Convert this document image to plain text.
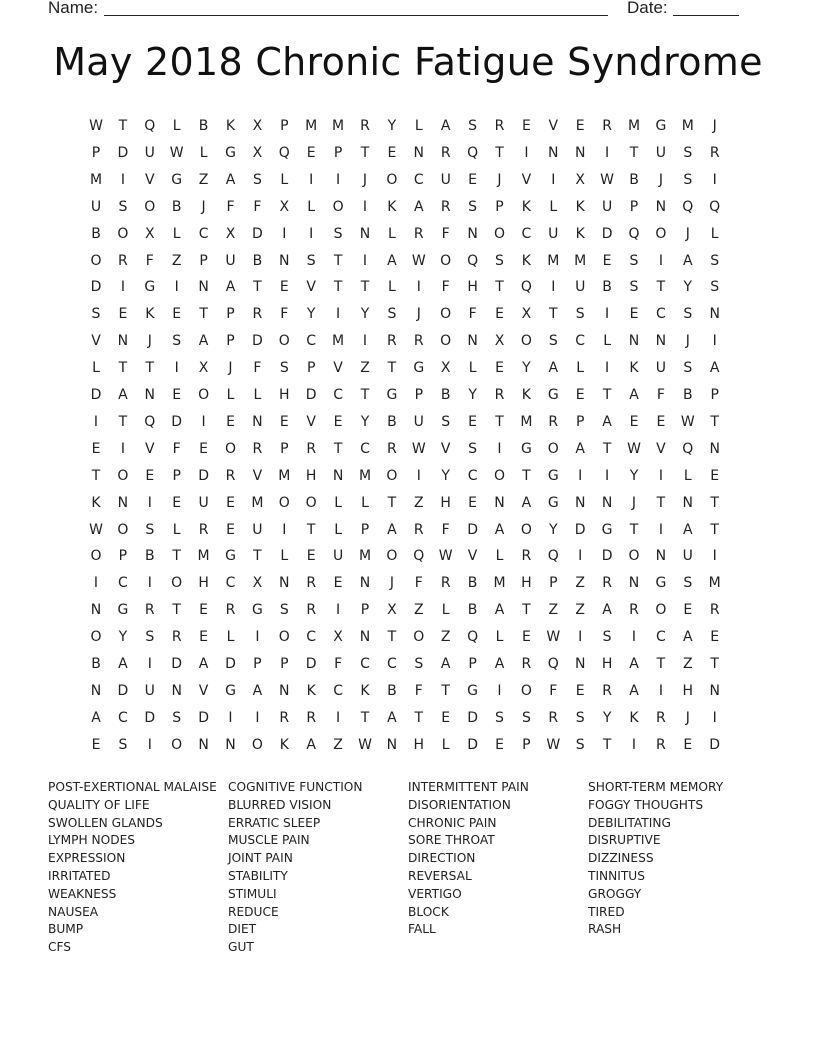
Name:	Date:
May 2018 Chronic Fatigue Syndrome
W	T	Q	L	B	K	X	P	M	M	R	Y	L	A	S	R	E	V	E	R	M	G	M	J
P	D	U	W	L	G	X	Q	E	P	T	E	N	R	Q	T	I	N	N	I	T	U	S	R
M	I	V	G	Z	A	S	L	I	I	J	O	C	U	E	J	V	I	X	W	B	J	S	I
U	S	O	B	J	F	F	X	L	O	I	K	A	R	S	P	K	L	K	U	P	N	Q	Q
B	O	X	L	C	X	D	I	I	S	N	L	R	F	N	O	C	U	K	D	Q	O	J	L
O	R	F	Z	P	U	B	N	S	T	I	A	W	O	Q	S	K	M	M	E	S	I	A	S
D	I	G	I	N	A	T	E	V	T	T	L	I	F	H	T	Q	I	U	B	S	T	Y	S
S	E	K	E	T	P	R	F	Y	I	Y	S	J	O	F	E	X	T	S	I	E	C	S	N
V	N	J	S	A	P	D	O	C	M	I	R	R	O	N	X	O	S	C	L	N	N	J	I
L	T	T	I	X	J	F	S	P	V	Z	T	G	X	L	E	Y	A	L	I	K	U	S	A
D	A	N	E	O	L	L	H	D	C	T	G	P	B	Y	R	K	G	E	T	A	F	B	P
I	T	Q	D	I	E	N	E	V	E	Y	B	U	S	E	T	M	R	P	A	E	E	W	T
E	I	V	F	E	O	R	P	R	T	C	R	W	V	S	I	G	O	A	T	W	V	Q	N
T	O	E	P	D	R	V	M	H	N	M	O	I	Y	C	O	T	G	I	I	Y	I	L	E
K	N	I	E	U	E	M	O	O	L	L	T	Z	H	E	N	A	G	N	N	J	T	N	T
W	O	S	L	R	E	U	I	T	L	P	A	R	F	D	A	O	Y	D	G	T	I	A	T
O	P	B	T	M	G	T	L	E	U	M	O	Q	W	V	L	R	Q	I	D	O	N	U	I
I	C	I	O	H	C	X	N	R	E	N	J	F	R	B	M	H	P	Z	R	N	G	S	M
N	G	R	T	E	R	G	S	R	I	P	X	Z	L	B	A	T	Z	Z	A	R	O	E	R
O	Y	S	R	E	L	I	O	C	X	N	T	O	Z	Q	L	E	W	I	S	I	C	A	E
B	A	I	D	A	D	P	P	D	F	C	C	S	A	P	A	R	Q	N	H	A	T	Z	T
N	D	U	N	V	G	A	N	K	C	K	B	F	T	G	I	O	F	E	R	A	I	H	N
A	C	D	S	D	I	I	R	R	I	T	A	T	E	D	S	S	R	S	Y	K	R	J	I
E	S	I	O	N	N	O	K	A	Z	W	N	H	L	D	E	P	W	S	T	I	R	E	D
POST-EXERTIONAL MALAISE
QUALITY OF LIFE
SWOLLEN GLANDS
LYMPH NODES
EXPRESSION
IRRITATED
WEAKNESS
NAUSEA
BUMP
CFS
COGNITIVE FUNCTION
BLURRED VISION
ERRATIC SLEEP
MUSCLE PAIN
JOINT PAIN
STABILITY
STIMULI
REDUCE
DIET
GUT
INTERMITTENT PAIN
DISORIENTATION
CHRONIC PAIN
SORE THROAT
DIRECTION
REVERSAL
VERTIGO
BLOCK
FALL
SHORT-TERM MEMORY
FOGGY THOUGHTS
DEBILITATING
DISRUPTIVE
DIZZINESS
TINNITUS
GROGGY
TIRED
RASH
